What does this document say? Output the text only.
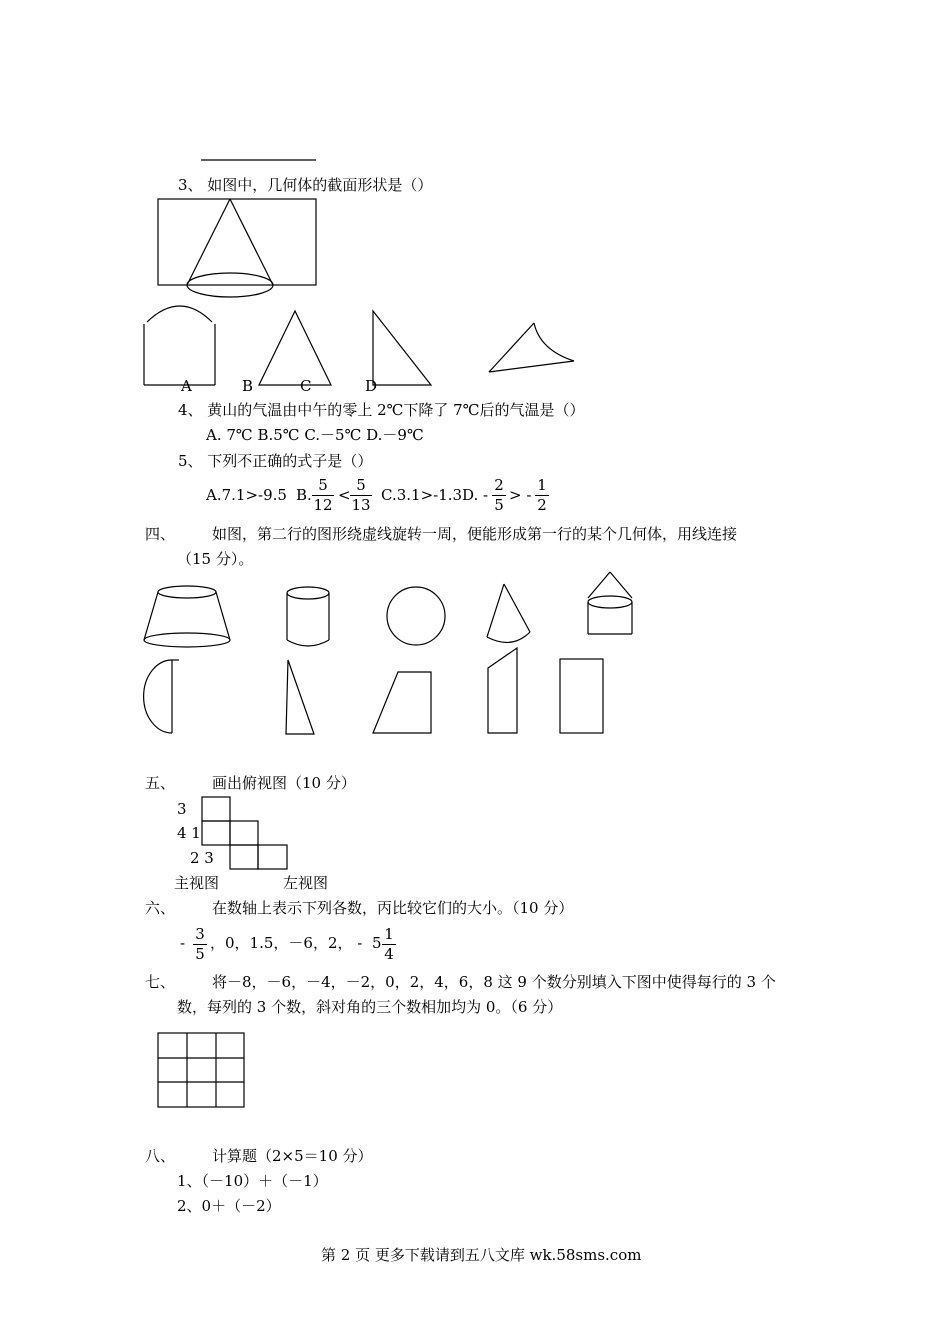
3、 如图中，几何体的截面形状是（）
A	B	C	D
4、 黄山的气温由中午的零上 2℃下降了 7℃后的气温是（）
A. 7℃ B.5℃ C.－5℃ D.－9℃
5、 下列不正确的式子是（）
A.7.1>-9.5 B.
5
12
<
5
13
C.3.1>-1.3 D. -
2
5
> -
1
2
四、 如图，第二行的图形绕虚线旋转一周，便能形成第一行的某个几何体，用线连接
（15 分）。
五、 画出俯视图（10 分）
3
4 1
2 3
主视图	左视图
六、 在数轴上表示下列各数，丙比较它们的大小。（10 分）
- 3
5
，0，1.5，－6，2， - 5 1
4
七、 将－8，－6，－4，－2，0，2，4，6，8 这 9 个数分别填入下图中使得每行的 3 个
数，每列的 3 个数，斜对角的三个数相加均为 0。（6 分）
八、 计算题（2×5＝10 分）
1、（－10）＋（－1）
2、0＋（－2）
第 2 页 更多下载请到五八文库 wk.58sms.com
